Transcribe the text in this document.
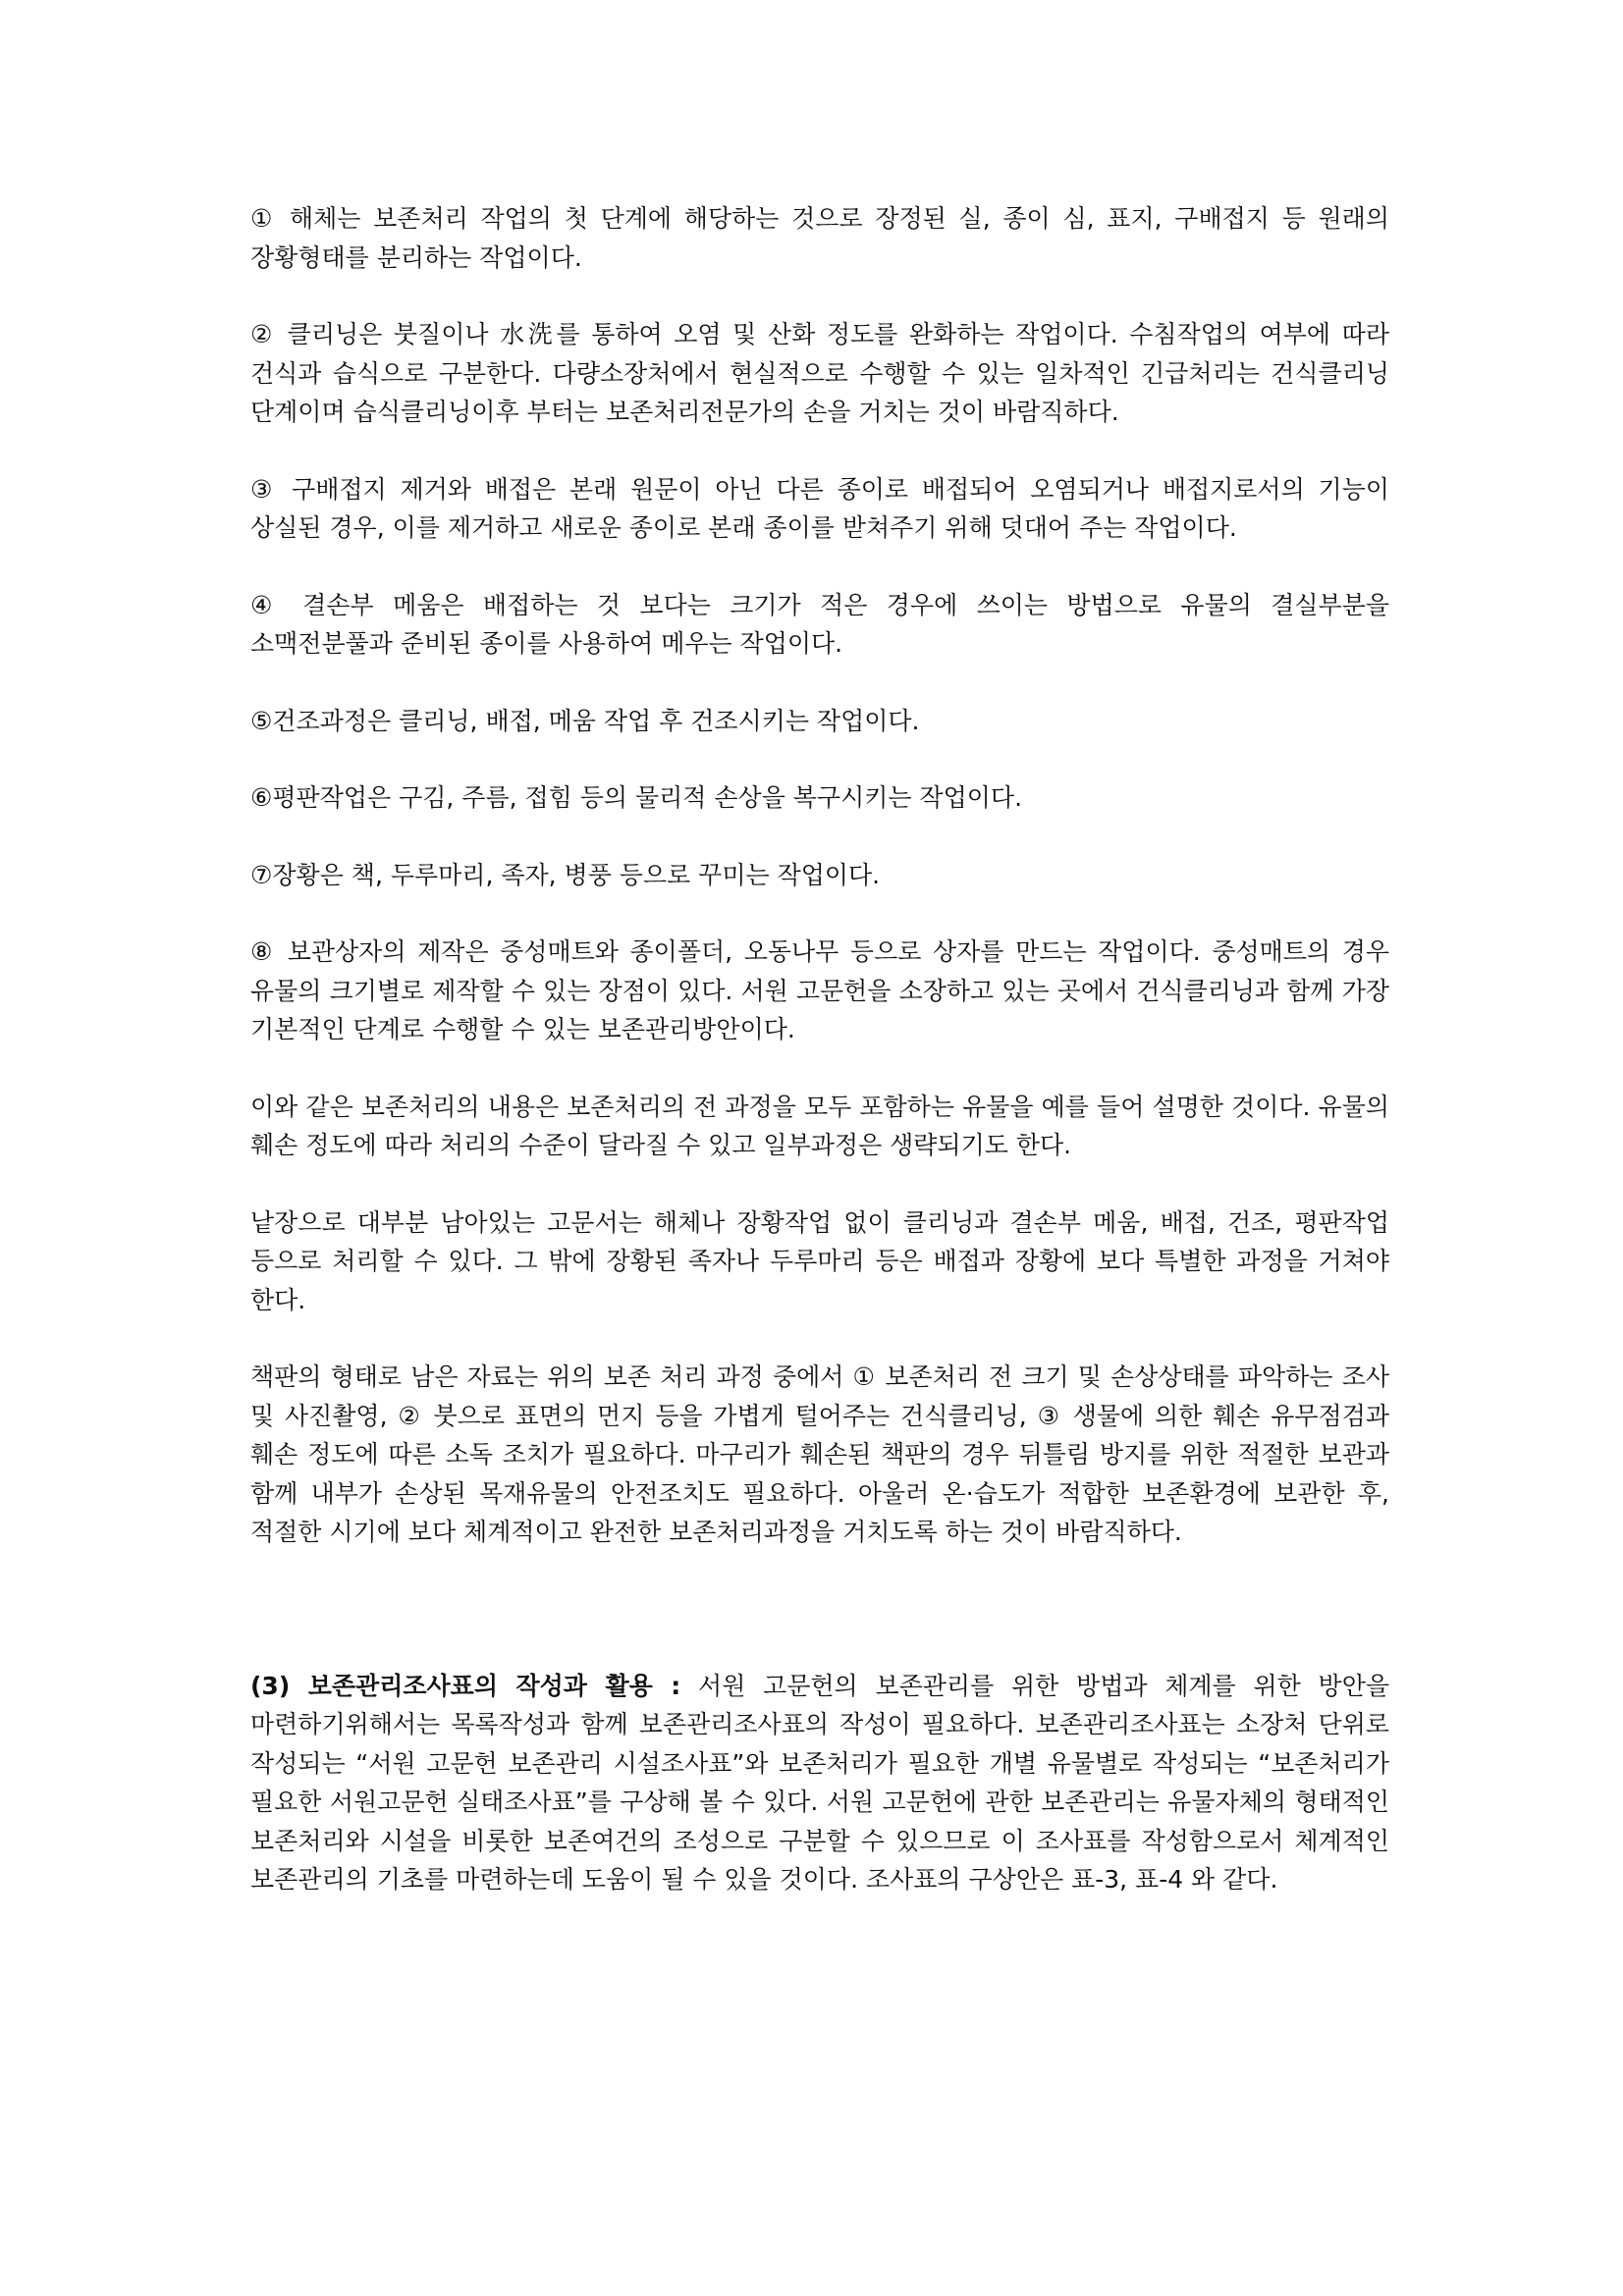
① 해체는 보존처리 작업의 첫 단계에 해당하는 것으로 장정된 실, 종이 심, 표지, 구배접지 등 원래의 장황형태를 분리하는 작업이다.

② 클리닝은 붓질이나 水洗를 통하여 오염 및 산화 정도를 완화하는 작업이다. 수침작업의 여부에 따라 건식과 습식으로 구분한다. 다량소장처에서 현실적으로 수행할 수 있는 일차적인 긴급처리는 건식클리닝 단계이며 습식클리닝이후 부터는 보존처리전문가의 손을 거치는 것이 바람직하다.

③ 구배접지 제거와 배접은 본래 원문이 아닌 다른 종이로 배접되어 오염되거나 배접지로서의 기능이 상실된 경우, 이를 제거하고 새로운 종이로 본래 종이를 받쳐주기 위해 덧대어 주는 작업이다.

④ 결손부 메움은 배접하는 것 보다는 크기가 적은 경우에 쓰이는 방법으로 유물의 결실부분을 소맥전분풀과 준비된 종이를 사용하여 메우는 작업이다.

⑤건조과정은 클리닝, 배접, 메움 작업 후 건조시키는 작업이다.

⑥평판작업은 구김, 주름, 접힘 등의 물리적 손상을 복구시키는 작업이다.

⑦장황은 책, 두루마리, 족자, 병풍 등으로 꾸미는 작업이다.

⑧ 보관상자의 제작은 중성매트와 종이폴더, 오동나무 등으로 상자를 만드는 작업이다. 중성매트의 경우 유물의 크기별로 제작할 수 있는 장점이 있다. 서원 고문헌을 소장하고 있는 곳에서 건식클리닝과 함께 가장 기본적인 단계로 수행할 수 있는 보존관리방안이다.

이와 같은 보존처리의 내용은 보존처리의 전 과정을 모두 포함하는 유물을 예를 들어 설명한 것이다. 유물의 훼손 정도에 따라 처리의 수준이 달라질 수 있고 일부과정은 생략되기도 한다.

낱장으로 대부분 남아있는 고문서는 해체나 장황작업 없이 클리닝과 결손부 메움, 배접, 건조, 평판작업 등으로 처리할 수 있다. 그 밖에 장황된 족자나 두루마리 등은 배접과 장황에 보다 특별한 과정을 거쳐야 한다.

책판의 형태로 남은 자료는 위의 보존 처리 과정 중에서 ① 보존처리 전 크기 및 손상상태를 파악하는 조사 및 사진촬영, ② 붓으로 표면의 먼지 등을 가볍게 털어주는 건식클리닝, ③ 생물에 의한 훼손 유무점검과 훼손 정도에 따른 소독 조치가 필요하다. 마구리가 훼손된 책판의 경우 뒤틀림 방지를 위한 적절한 보관과 함께 내부가 손상된 목재유물의 안전조치도 필요하다. 아울러 온·습도가 적합한 보존환경에 보관한 후, 적절한 시기에 보다 체계적이고 완전한 보존처리과정을 거치도록 하는 것이 바람직하다.

(3) 보존관리조사표의 작성과 활용 : 서원 고문헌의 보존관리를 위한 방법과 체계를 위한 방안을 마련하기위해서는 목록작성과 함께 보존관리조사표의 작성이 필요하다. 보존관리조사표는 소장처 단위로 작성되는 “서원 고문헌 보존관리 시설조사표”와 보존처리가 필요한 개별 유물별로 작성되는 “보존처리가 필요한 서원고문헌 실태조사표”를 구상해 볼 수 있다. 서원 고문헌에 관한 보존관리는 유물자체의 형태적인 보존처리와 시설을 비롯한 보존여건의 조성으로 구분할 수 있으므로 이 조사표를 작성함으로서 체계적인 보존관리의 기초를 마련하는데 도움이 될 수 있을 것이다. 조사표의 구상안은 표-3, 표-4 와 같다.
